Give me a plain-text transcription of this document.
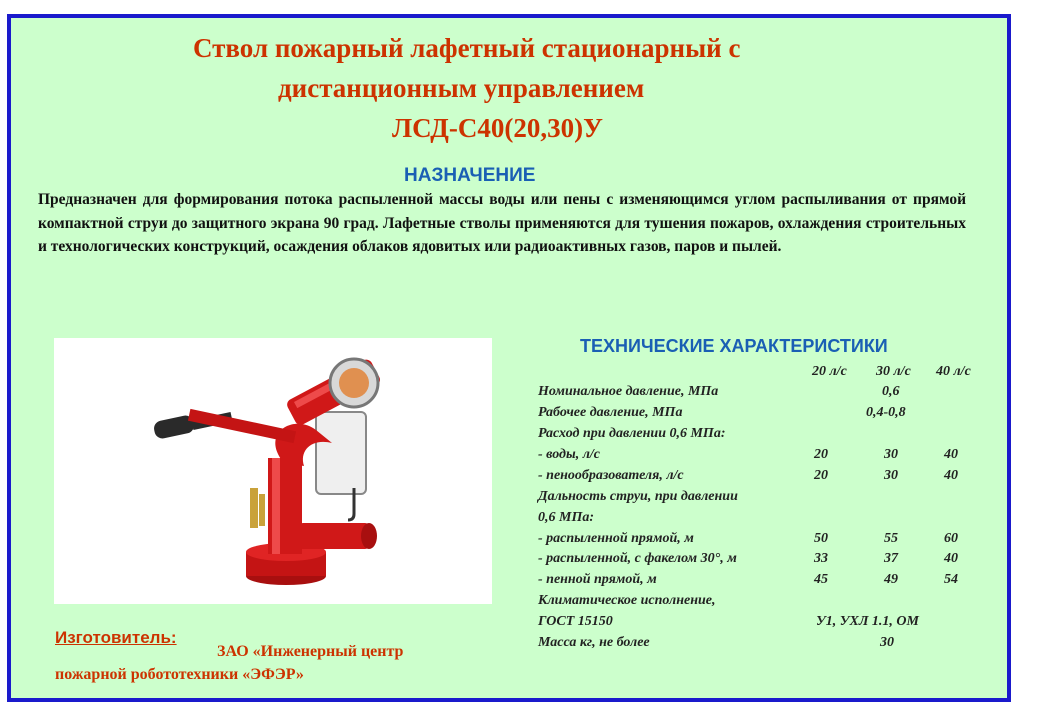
Ствол пожарный лафетный стационарный с
дистанционным управлением
ЛСД-С40(20,30)У
НАЗНАЧЕНИЕ
Предназначен для формирования потока распыленной массы воды или пены с изменяющимся углом распыливания от прямой компактной струи до защитного экрана 90 град. Лафетные стволы применяются для тушения пожаров, охлаждения строительных и технологических конструкций, осаждения облаков ядовитых или радиоактивных газов, паров и пылей.
ТЕХНИЧЕСКИЕ ХАРАКТЕРИСТИКИ
20 л/с 30 л/с 40 л/с
Номинальное давление, МПа	0,6
Рабочее давление, МПа	0,4-0,8
Расход при давлении 0,6 МПа:
- воды, л/с	20	30	40
- пенообразователя, л/с	20	30	40
Дальность струи, при давлении
0,6 МПа:
- распыленной прямой, м	50	55	60
- распыленной, с факелом 30°, м	33	37	40
- пенной прямой, м	45	49	54
Климатическое исполнение,
ГОСТ 15150	У1, УХЛ 1.1, ОМ
Масса кг, не более	30
Изготовитель:
ЗАО «Инженерный центр
пожарной робототехники «ЭФЭР»
